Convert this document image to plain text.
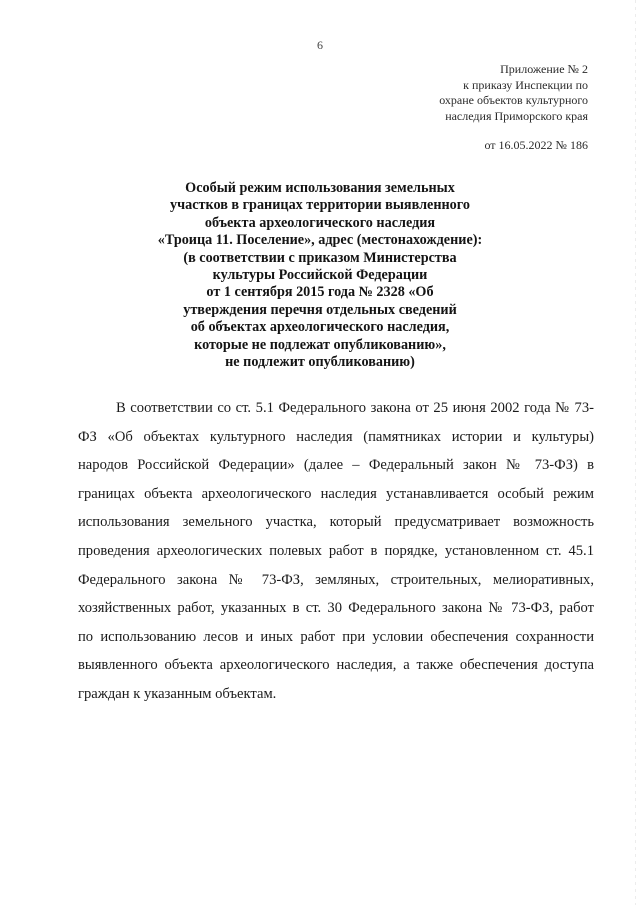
6
Приложение № 2
к приказу Инспекции по
охране объектов культурного
наследия Приморского края
от 16.05.2022 № 186
Особый режим использования земельных
участков в границах территории выявленного
объекта археологического наследия
«Троица 11. Поселение», адрес (местонахождение):
(в соответствии с приказом Министерства
культуры Российской Федерации
от 1 сентября 2015 года № 2328 «Об
утверждения перечня отдельных сведений
об объектах археологического наследия,
которые не подлежат опубликованию»,
не подлежит опубликованию)
В соответствии со ст. 5.1 Федерального закона от 25 июня 2002 года № 73-
ФЗ «Об объектах культурного наследия (памятниках истории и культуры)
народов Российской Федерации» (далее – Федеральный закон № 73-ФЗ) в
границах объекта археологического наследия устанавливается особый режим
использования земельного участка, который предусматривает возможность
проведения археологических полевых работ в порядке, установленном ст. 45.1
Федерального закона № 73-ФЗ, земляных, строительных, мелиоративных,
хозяйственных работ, указанных в ст. 30 Федерального закона № 73-ФЗ, работ
по использованию лесов и иных работ при условии обеспечения сохранности
выявленного объекта археологического наследия, а также обеспечения доступа
граждан к указанным объектам.
